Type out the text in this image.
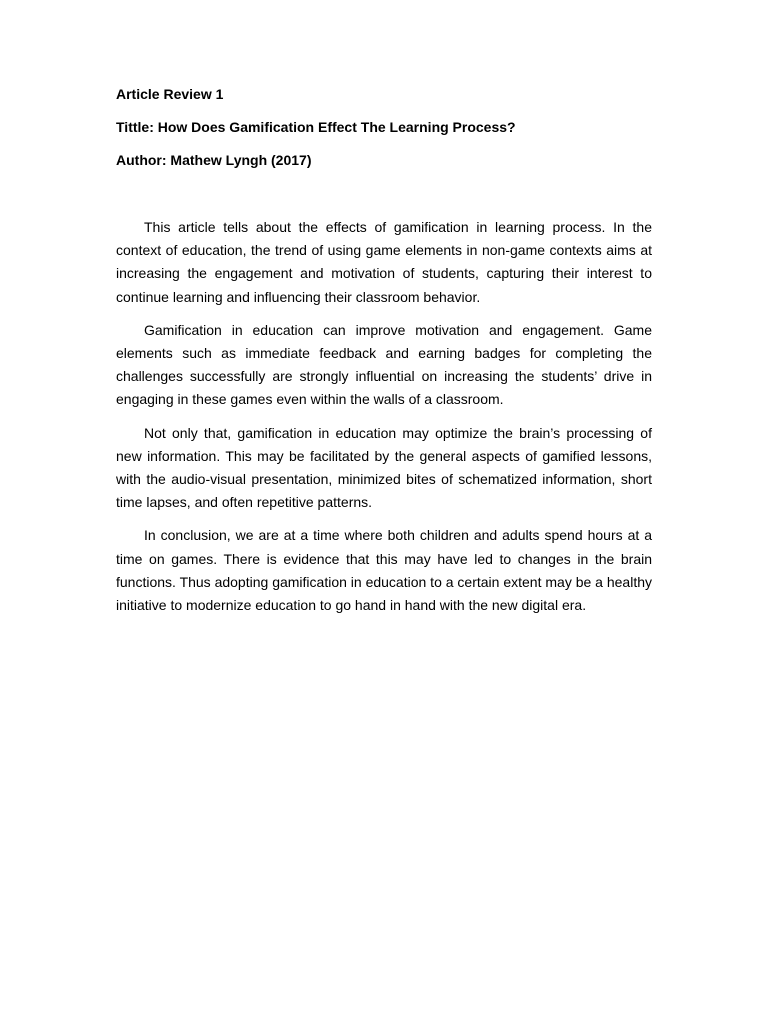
Article Review 1

Tittle: How Does Gamification Effect The Learning Process?

Author: Mathew Lyngh (2017)

This article tells about the effects of gamification in learning process. In the context of education, the trend of using game elements in non-game contexts aims at increasing the engagement and motivation of students, capturing their interest to continue learning and influencing their classroom behavior.

Gamification in education can improve motivation and engagement. Game elements such as immediate feedback and earning badges for completing the challenges successfully are strongly influential on increasing the students’ drive in engaging in these games even within the walls of a classroom.

Not only that, gamification in education may optimize the brain’s processing of new information. This may be facilitated by the general aspects of gamified lessons, with the audio-visual presentation, minimized bites of schematized information, short time lapses, and often repetitive patterns.

In conclusion, we are at a time where both children and adults spend hours at a time on games. There is evidence that this may have led to changes in the brain functions. Thus adopting gamification in education to a certain extent may be a healthy initiative to modernize education to go hand in hand with the new digital era.
